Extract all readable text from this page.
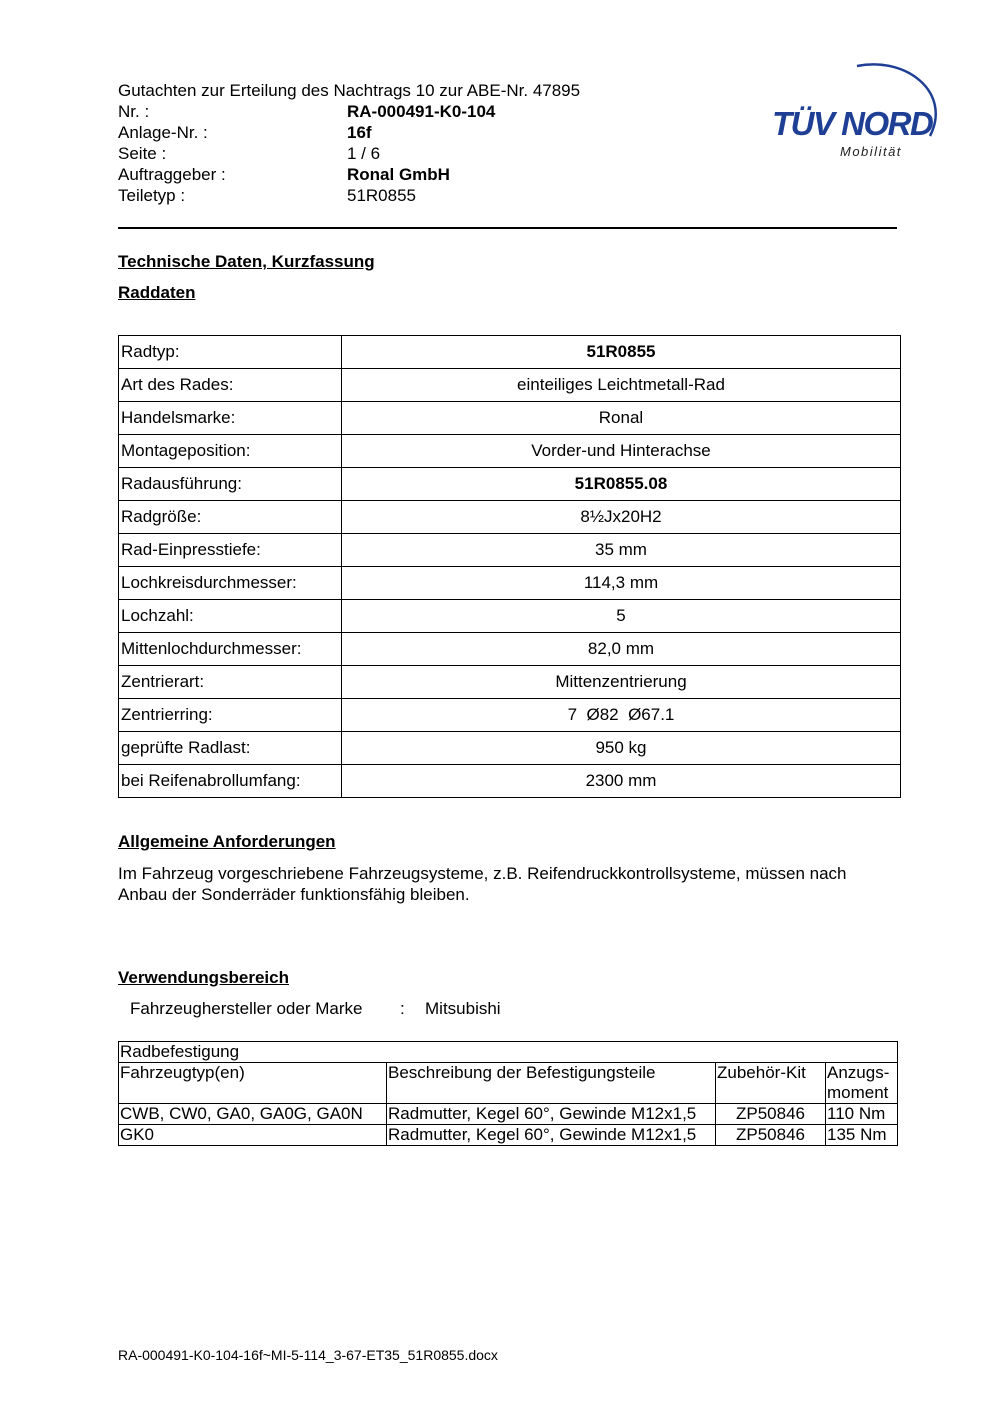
Gutachten zur Erteilung des Nachtrags 10 zur ABE-Nr. 47895
Nr. :	RA-000491-K0-104
Anlage-Nr. :	16f
Seite :	1 / 6
Auftraggeber :	Ronal GmbH
Teiletyp :	51R0855
TÜV NORD
Mobilität
Technische Daten, Kurzfassung
Raddaten
Radtyp:	51R0855
Art des Rades:	einteiliges Leichtmetall-Rad
Handelsmarke:	Ronal
Montageposition:	Vorder-und Hinterachse
Radausführung:	51R0855.08
Radgröße:	8½Jx20H2
Rad-Einpresstiefe:	35 mm
Lochkreisdurchmesser:	114,3 mm
Lochzahl:	5
Mittenlochdurchmesser:	82,0 mm
Zentrierart:	Mittenzentrierung
Zentrierring:	7  Ø82  Ø67.1
geprüfte Radlast:	950 kg
bei Reifenabrollumfang:	2300 mm
Allgemeine Anforderungen
Im Fahrzeug vorgeschriebene Fahrzeugsysteme, z.B. Reifendruckkontrollsysteme, müssen nach Anbau der Sonderräder funktionsfähig bleiben.
Verwendungsbereich
Fahrzeughersteller oder Marke	:	Mitsubishi
Radbefestigung			
Fahrzeugtyp(en)	Beschreibung der Befestigungsteile	Zubehör-Kit	Anzugs-moment
CWB, CW0, GA0, GA0G, GA0N	Radmutter, Kegel 60°, Gewinde M12x1,5	ZP50846	110 Nm
GK0	Radmutter, Kegel 60°, Gewinde M12x1,5	ZP50846	135 Nm
RA-000491-K0-104-16f~MI-5-114_3-67-ET35_51R0855.docx
